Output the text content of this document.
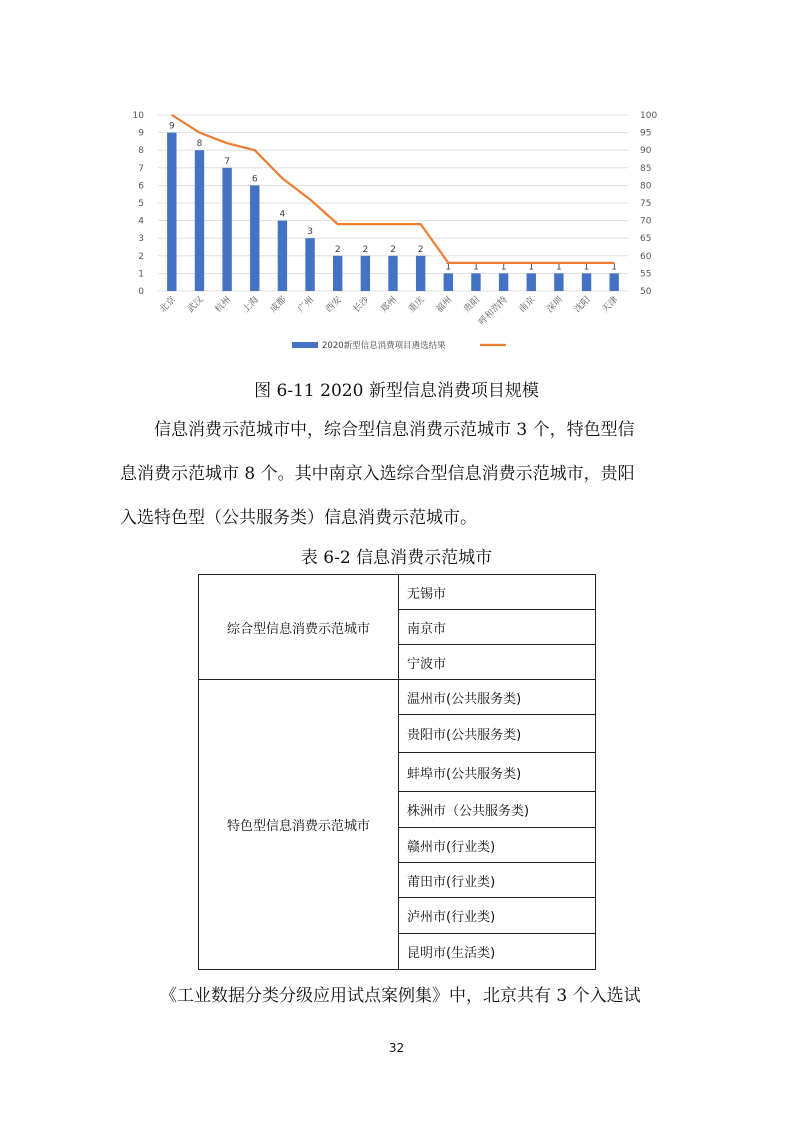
0
1
2
3
4
5
6
7
8
9
10
50
55
60
65
70
75
80
85
90
95
100
9
8
7
6
4
3
2 2 2 2
1 1 1 1 1 1 1
北京 武汉 杭州 上海 成都 广州 西安 长沙 郑州 重庆 福州 贵阳
呼和浩特 南京 深圳 沈阳 天津
2020新型信息消费项目遴选结果
图 6-11 2020 新型信息消费项目规模

信息消费示范城市中，综合型信息消费示范城市 3 个，特色型信

息消费示范城市 8 个。其中南京入选综合型信息消费示范城市，贵阳

入选特色型（公共服务类）信息消费示范城市。

表 6-2 信息消费示范城市
综合型信息消费示范城市	无锡市
	南京市
	宁波市
特色型信息消费示范城市	温州市(公共服务类)
	贵阳市(公共服务类)
	蚌埠市(公共服务类)
	株洲市（公共服务类)
	赣州市(行业类)
	莆田市(行业类)
	泸州市(行业类)
	昆明市(生活类)
《工业数据分类分级应用试点案例集》中，北京共有 3 个入选试
32
